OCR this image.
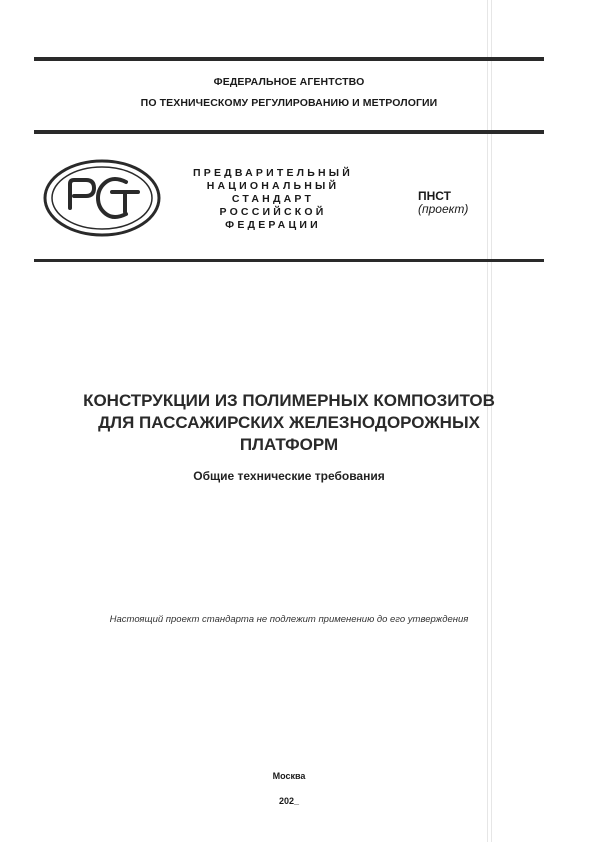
ФЕДЕРАЛЬНОЕ АГЕНТСТВО
ПО ТЕХНИЧЕСКОМУ РЕГУЛИРОВАНИЮ И МЕТРОЛОГИИ
ПРЕДВАРИТЕЛЬНЫЙ
НАЦИОНАЛЬНЫЙ
СТАНДАРТ
РОССИЙСКОЙ
ФЕДЕРАЦИИ
ПНСТ
(проект)
КОНСТРУКЦИИ ИЗ ПОЛИМЕРНЫХ КОМПОЗИТОВ
ДЛЯ ПАССАЖИРСКИХ ЖЕЛЕЗНОДОРОЖНЫХ
ПЛАТФОРМ
Общие технические требования
Настоящий проект стандарта не подлежит применению до его утверждения
Москва
202_
